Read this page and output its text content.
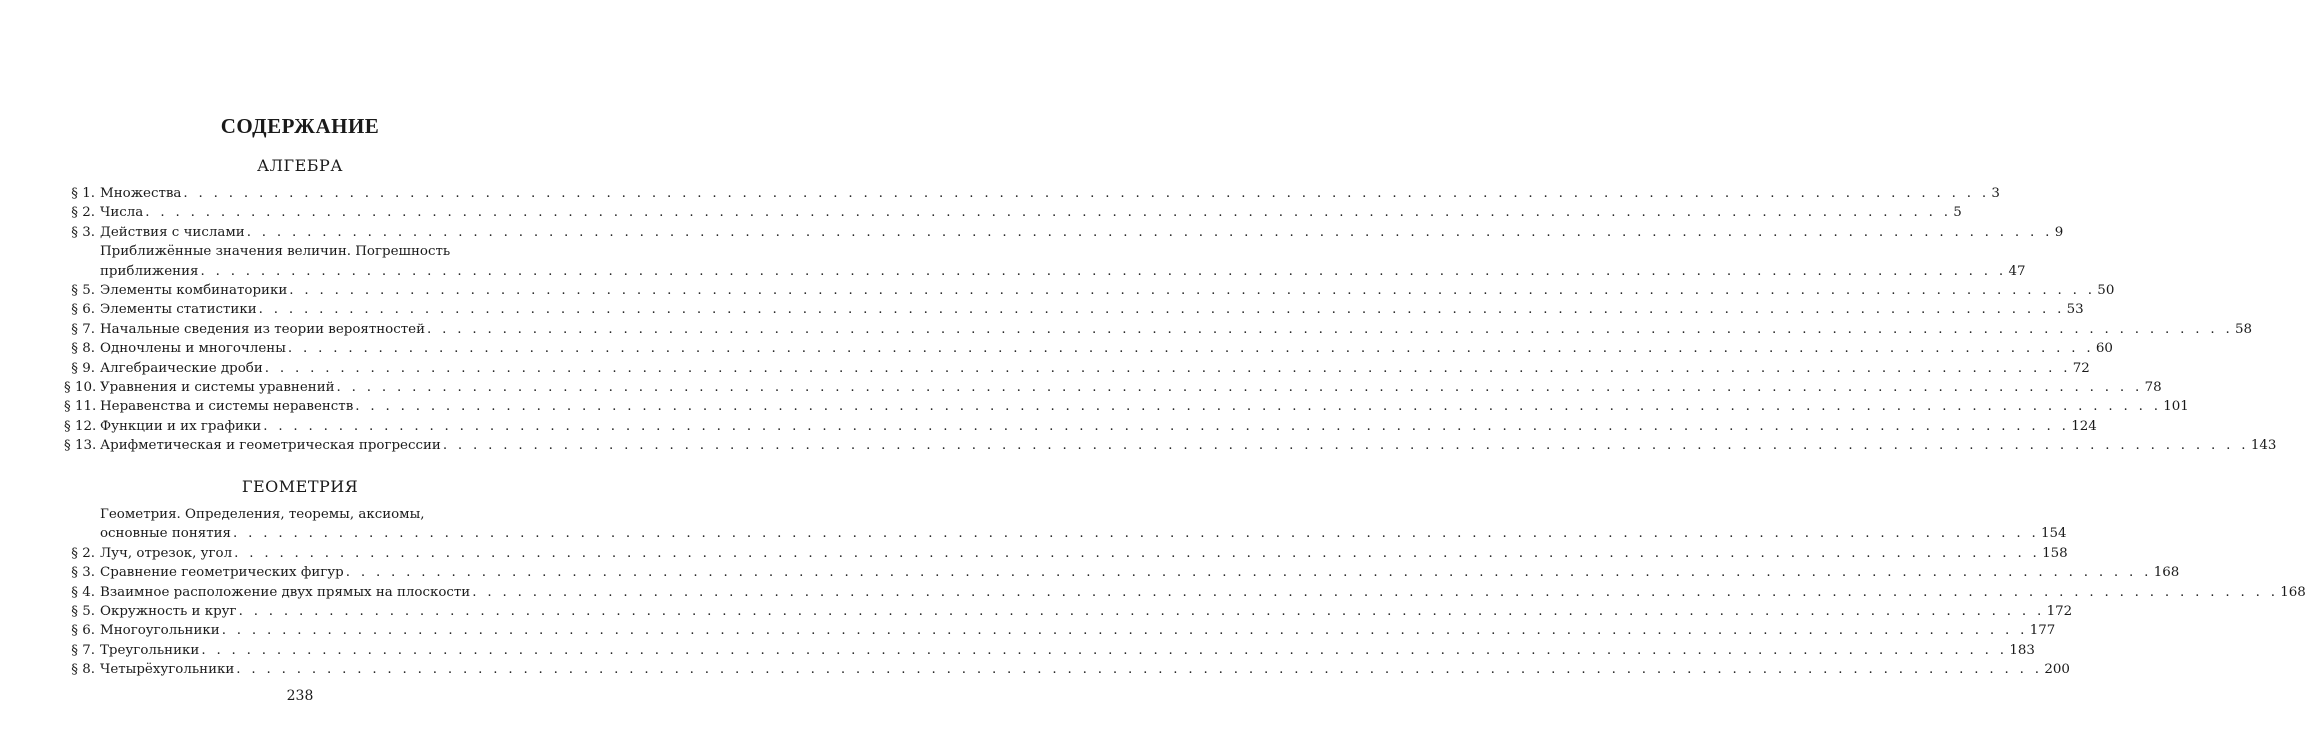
СОДЕРЖАНИЕ
АЛГЕБРА
§ 1. Множества . . . . . . . . . . . . . . . . . . . . . . . . . . . . . . . . . . . . . . . . . . . . . . . . . . . . . . . . . . . . . . . . . . . . . . . . . . . . . . . . . . . . . . . . . . . . . . . . . . . . . . . . . . . . . . . . . . . . . . . . 3
§ 2. Числа . . . . . . . . . . . . . . . . . . . . . . . . . . . . . . . . . . . . . . . . . . . . . . . . . . . . . . . . . . . . . . . . . . . . . . . . . . . . . . . . . . . . . . . . . . . . . . . . . . . . . . . . . . . . . . . . . . . . . . . . 5
§ 3. Действия с числами . . . . . . . . . . . . . . . . . . . . . . . . . . . . . . . . . . . . . . . . . . . . . . . . . . . . . . . . . . . . . . . . . . . . . . . . . . . . . . . . . . . . . . . . . . . . . . . . . . . . . . . . . . . . . . . . . . . . . . . . 9
Приближённые значения величин. Погрешность
приближения . . . . . . . . . . . . . . . . . . . . . . . . . . . . . . . . . . . . . . . . . . . . . . . . . . . . . . . . . . . . . . . . . . . . . . . . . . . . . . . . . . . . . . . . . . . . . . . . . . . . . . . . . . . . . . . . . . . . . . . . 47
§ 5. Элементы комбинаторики . . . . . . . . . . . . . . . . . . . . . . . . . . . . . . . . . . . . . . . . . . . . . . . . . . . . . . . . . . . . . . . . . . . . . . . . . . . . . . . . . . . . . . . . . . . . . . . . . . . . . . . . . . . . . . . . . . . . . . . . 50
§ 6. Элементы статистики . . . . . . . . . . . . . . . . . . . . . . . . . . . . . . . . . . . . . . . . . . . . . . . . . . . . . . . . . . . . . . . . . . . . . . . . . . . . . . . . . . . . . . . . . . . . . . . . . . . . . . . . . . . . . . . . . . . . . . . . 53
§ 7. Начальные сведения из теории вероятностей . . . . . . . . . . . . . . . . . . . . . . . . . . . . . . . . . . . . . . . . . . . . . . . . . . . . . . . . . . . . . . . . . . . . . . . . . . . . . . . . . . . . . . . . . . . . . . . . . . . . . . . . . . . . . . . . . . . . . . . . 58
§ 8. Одночлены и многочлены . . . . . . . . . . . . . . . . . . . . . . . . . . . . . . . . . . . . . . . . . . . . . . . . . . . . . . . . . . . . . . . . . . . . . . . . . . . . . . . . . . . . . . . . . . . . . . . . . . . . . . . . . . . . . . . . . . . . . . . . 60
§ 9. Алгебраические дроби . . . . . . . . . . . . . . . . . . . . . . . . . . . . . . . . . . . . . . . . . . . . . . . . . . . . . . . . . . . . . . . . . . . . . . . . . . . . . . . . . . . . . . . . . . . . . . . . . . . . . . . . . . . . . . . . . . . . . . . . 72
§ 10. Уравнения и системы уравнений . . . . . . . . . . . . . . . . . . . . . . . . . . . . . . . . . . . . . . . . . . . . . . . . . . . . . . . . . . . . . . . . . . . . . . . . . . . . . . . . . . . . . . . . . . . . . . . . . . . . . . . . . . . . . . . . . . . . . . . . 78
§ 11. Неравенства и системы неравенств . . . . . . . . . . . . . . . . . . . . . . . . . . . . . . . . . . . . . . . . . . . . . . . . . . . . . . . . . . . . . . . . . . . . . . . . . . . . . . . . . . . . . . . . . . . . . . . . . . . . . . . . . . . . . . . . . . . . . . . . 101
§ 12. Функции и их графики . . . . . . . . . . . . . . . . . . . . . . . . . . . . . . . . . . . . . . . . . . . . . . . . . . . . . . . . . . . . . . . . . . . . . . . . . . . . . . . . . . . . . . . . . . . . . . . . . . . . . . . . . . . . . . . . . . . . . . . . 124
§ 13. Арифметическая и геометрическая прогрессии . . . . . . . . . . . . . . . . . . . . . . . . . . . . . . . . . . . . . . . . . . . . . . . . . . . . . . . . . . . . . . . . . . . . . . . . . . . . . . . . . . . . . . . . . . . . . . . . . . . . . . . . . . . . . . . . . . . . . . . . 143
ГЕОМЕТРИЯ
Геометрия. Определения, теоремы, аксиомы,
основные понятия . . . . . . . . . . . . . . . . . . . . . . . . . . . . . . . . . . . . . . . . . . . . . . . . . . . . . . . . . . . . . . . . . . . . . . . . . . . . . . . . . . . . . . . . . . . . . . . . . . . . . . . . . . . . . . . . . . . . . . . . 154
§ 2. Луч, отрезок, угол . . . . . . . . . . . . . . . . . . . . . . . . . . . . . . . . . . . . . . . . . . . . . . . . . . . . . . . . . . . . . . . . . . . . . . . . . . . . . . . . . . . . . . . . . . . . . . . . . . . . . . . . . . . . . . . . . . . . . . . . 158
§ 3. Сравнение геометрических фигур . . . . . . . . . . . . . . . . . . . . . . . . . . . . . . . . . . . . . . . . . . . . . . . . . . . . . . . . . . . . . . . . . . . . . . . . . . . . . . . . . . . . . . . . . . . . . . . . . . . . . . . . . . . . . . . . . . . . . . . . 168
§ 4. Взаимное расположение двух прямых на плоскости . . . . . . . . . . . . . . . . . . . . . . . . . . . . . . . . . . . . . . . . . . . . . . . . . . . . . . . . . . . . . . . . . . . . . . . . . . . . . . . . . . . . . . . . . . . . . . . . . . . . . . . . . . . . . . . . . . . . . . . . 168
§ 5. Окружность и круг . . . . . . . . . . . . . . . . . . . . . . . . . . . . . . . . . . . . . . . . . . . . . . . . . . . . . . . . . . . . . . . . . . . . . . . . . . . . . . . . . . . . . . . . . . . . . . . . . . . . . . . . . . . . . . . . . . . . . . . . 172
§ 6. Многоугольники . . . . . . . . . . . . . . . . . . . . . . . . . . . . . . . . . . . . . . . . . . . . . . . . . . . . . . . . . . . . . . . . . . . . . . . . . . . . . . . . . . . . . . . . . . . . . . . . . . . . . . . . . . . . . . . . . . . . . . . . 177
§ 7. Треугольники . . . . . . . . . . . . . . . . . . . . . . . . . . . . . . . . . . . . . . . . . . . . . . . . . . . . . . . . . . . . . . . . . . . . . . . . . . . . . . . . . . . . . . . . . . . . . . . . . . . . . . . . . . . . . . . . . . . . . . . . 183
§ 8. Четырёхугольники . . . . . . . . . . . . . . . . . . . . . . . . . . . . . . . . . . . . . . . . . . . . . . . . . . . . . . . . . . . . . . . . . . . . . . . . . . . . . . . . . . . . . . . . . . . . . . . . . . . . . . . . . . . . . . . . . . . . . . . . 200
238
